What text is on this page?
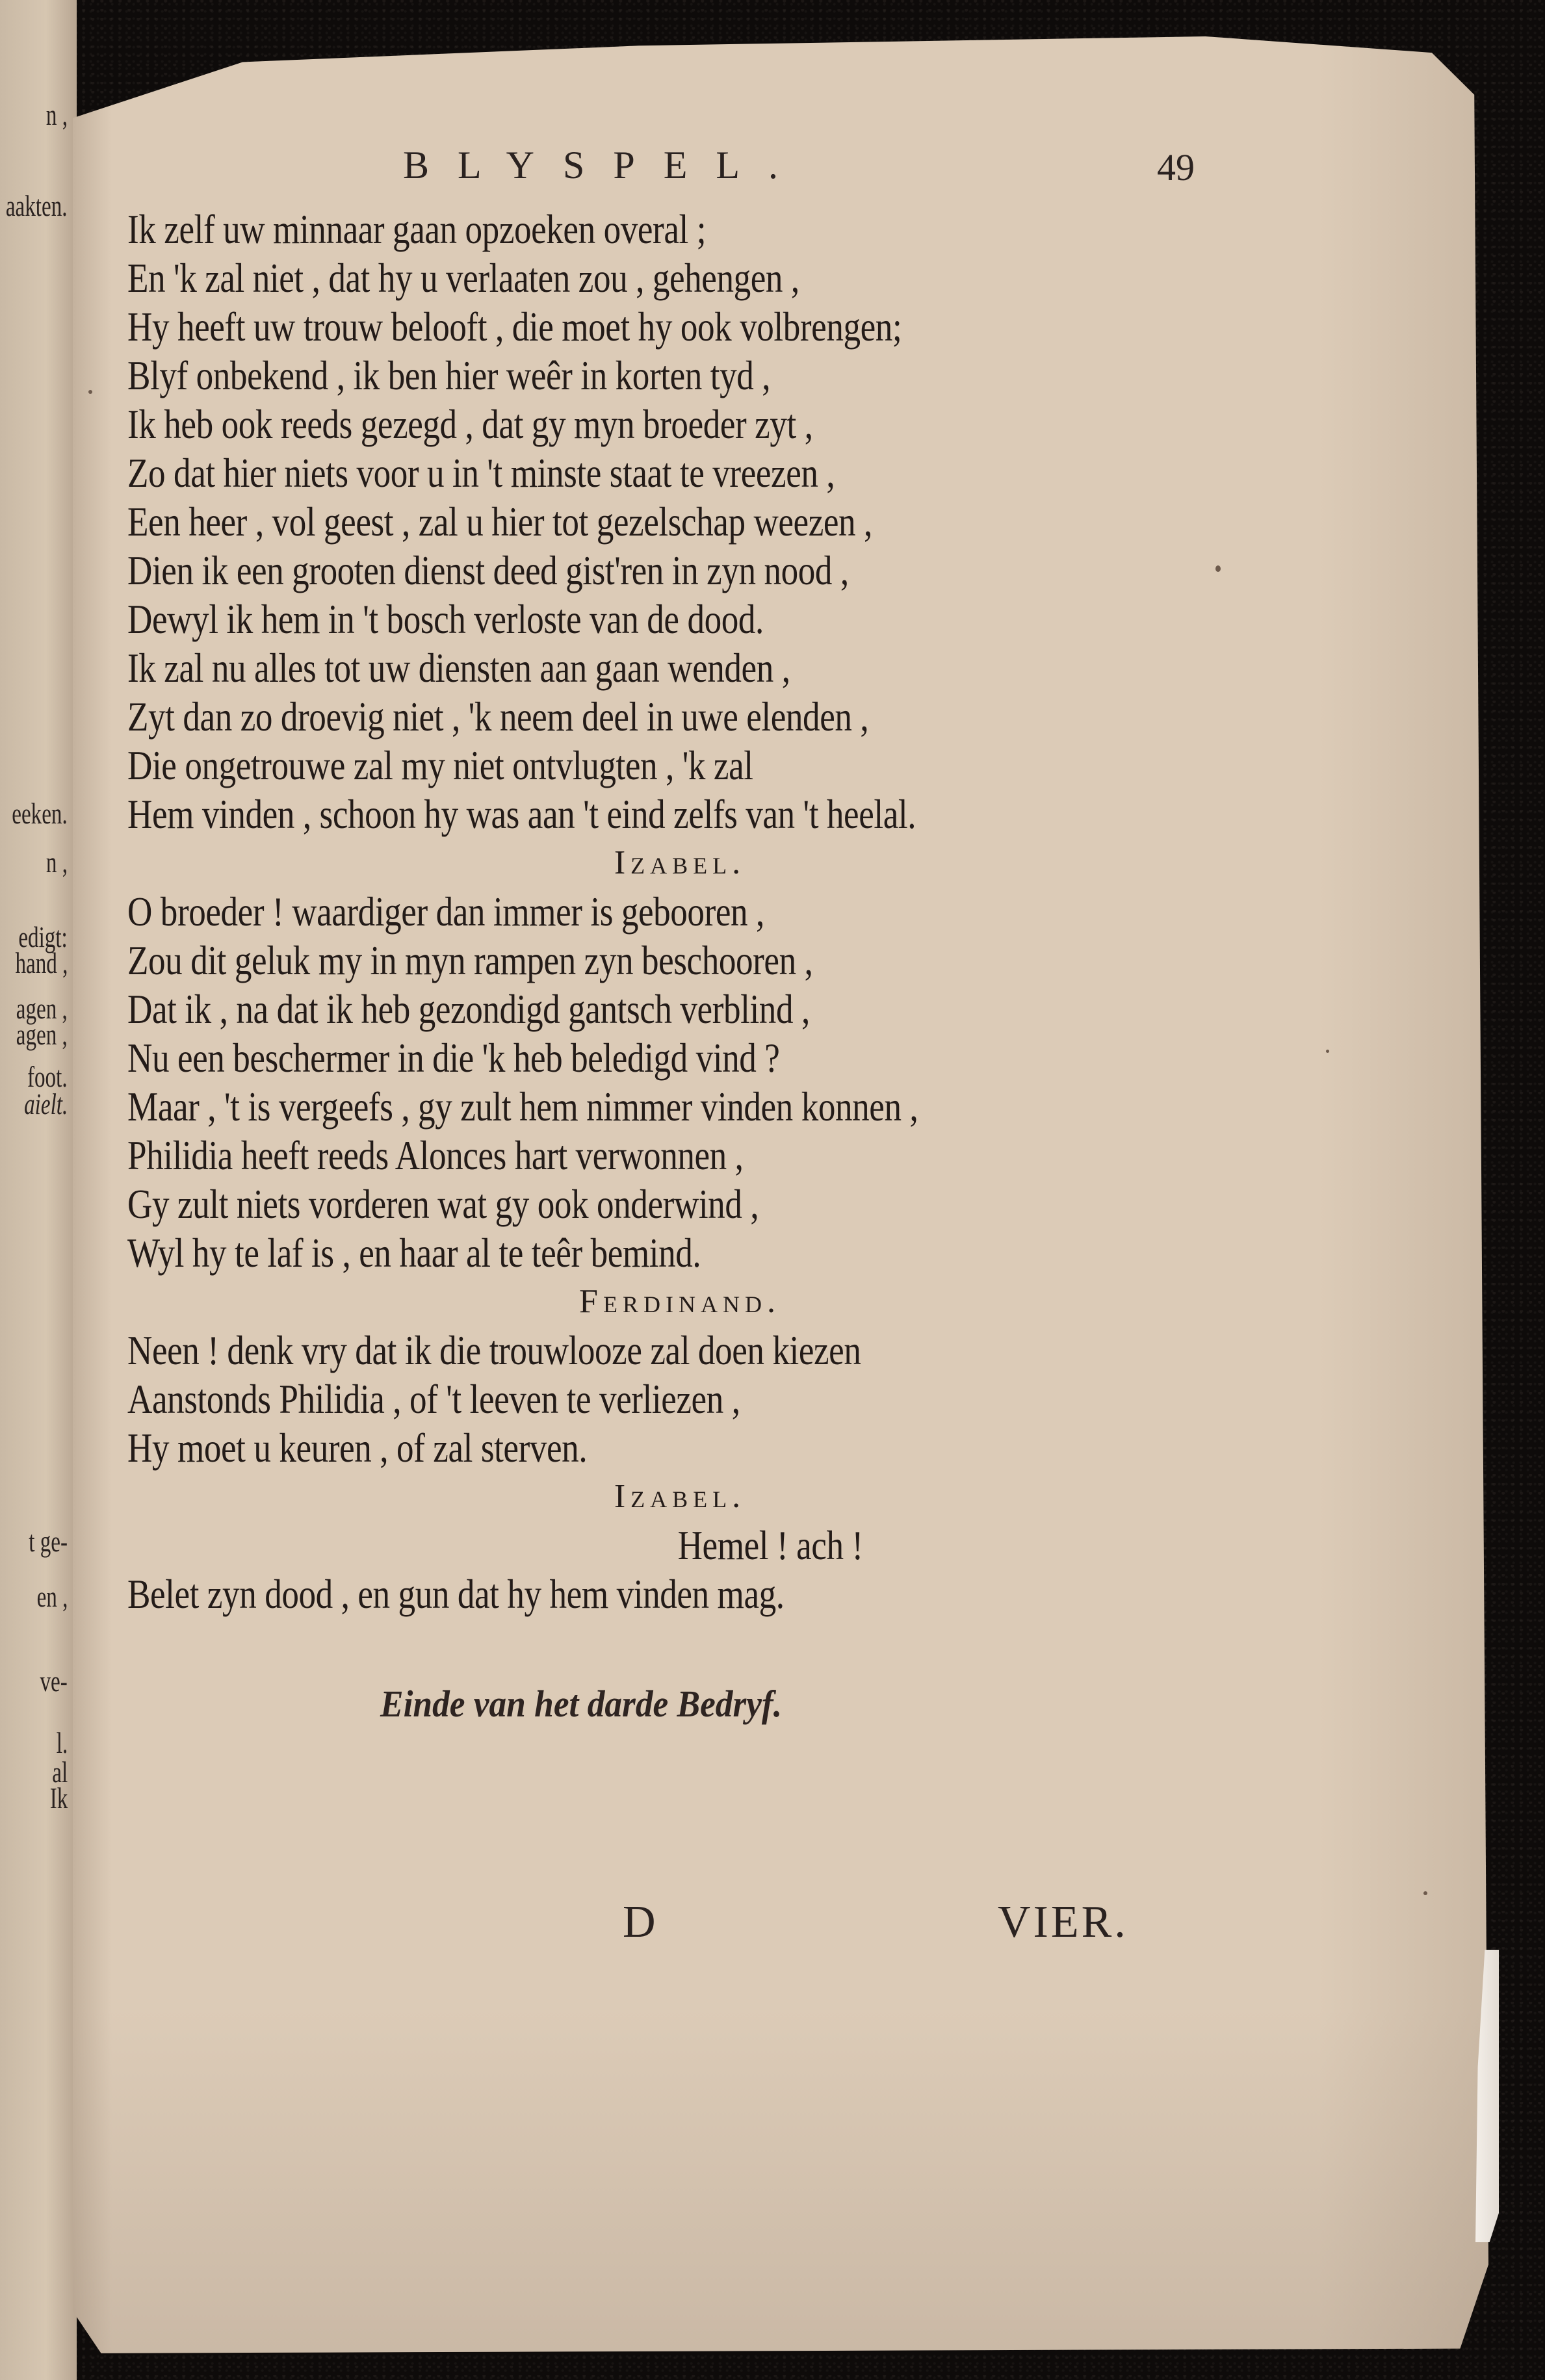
n ,
aakten.
eeken.
n ,
edigt:
hand ,
agen ,
agen ,
foot.
aielt.
t ge-
en ,
ve-
l.
al
Ik
BLYSPEL.	49
Ik zelf uw minnaar gaan opzoeken overal ;
En 'k zal niet , dat hy u verlaaten zou , gehengen ,
Hy heeft uw trouw belooft , die moet hy ook volbrengen;
Blyf onbekend , ik ben hier weêr in korten tyd ,
Ik heb ook reeds gezegd , dat gy myn broeder zyt ,
Zo dat hier niets voor u in 't minste staat te vreezen ,
Een heer , vol geest , zal u hier tot gezelschap weezen ,
Dien ik een grooten dienst deed gist'ren in zyn nood ,
Dewyl ik hem in 't bosch verloste van de dood.
Ik zal nu alles tot uw diensten aan gaan wenden ,
Zyt dan zo droevig niet , 'k neem deel in uwe elenden ,
Die ongetrouwe zal my niet ontvlugten , 'k zal
Hem vinden , schoon hy was aan 't eind zelfs van 't heelal.
Izabel.
O broeder ! waardiger dan immer is gebooren ,
Zou dit geluk my in myn rampen zyn beschooren ,
Dat ik , na dat ik heb gezondigd gantsch verblind ,
Nu een beschermer in die 'k heb beledigd vind ?
Maar , 't is vergeefs , gy zult hem nimmer vinden konnen ,
Philidia heeft reeds Alonces hart verwonnen ,
Gy zult niets vorderen wat gy ook onderwind ,
Wyl hy te laf is , en haar al te teêr bemind.
Ferdinand.
Neen ! denk vry dat ik die trouwlooze zal doen kiezen
Aanstonds Philidia , of 't leeven te verliezen ,
Hy moet u keuren , of zal sterven.
Izabel.
Hemel ! ach !
Belet zyn dood , en gun dat hy hem vinden mag.
Einde van het darde Bedryf.
D	VIER.
